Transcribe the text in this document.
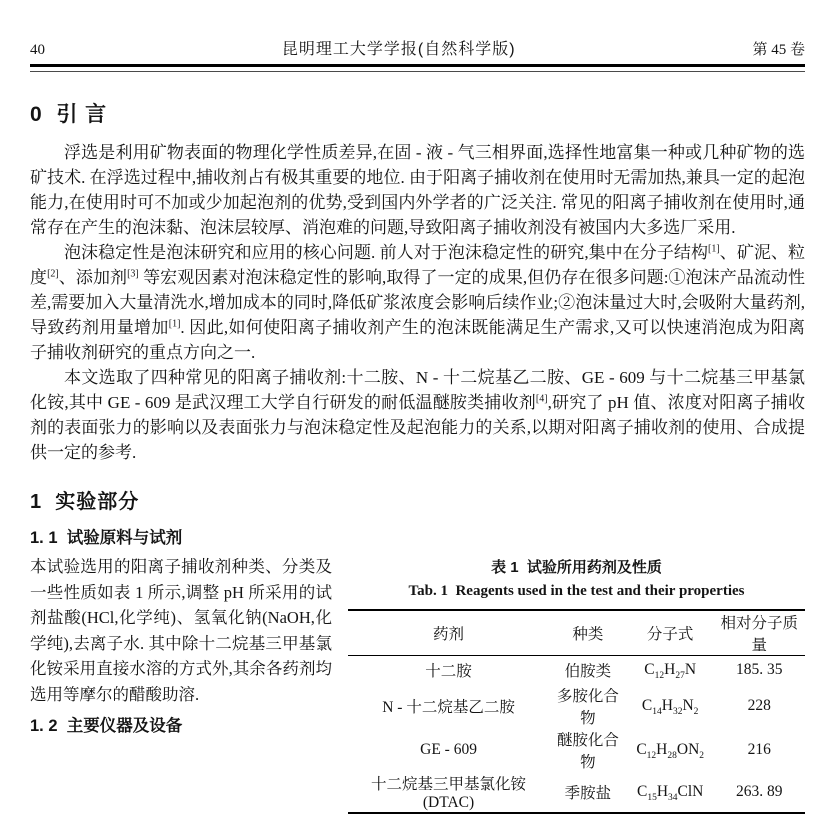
40	昆明理工大学学报(自然科学版)	第 45 卷
0  引 言

浮选是利用矿物表面的物理化学性质差异,在固 - 液 - 气三相界面,选择性地富集一种或几种矿物的选矿技术. 在浮选过程中,捕收剂占有极其重要的地位. 由于阳离子捕收剂在使用时无需加热,兼具一定的起泡能力,在使用时可不加或少加起泡剂的优势,受到国内外学者的广泛关注. 常见的阳离子捕收剂在使用时,通常存在产生的泡沫黏、泡沫层较厚、消泡难的问题,导致阳离子捕收剂没有被国内大多选厂采用.

泡沫稳定性是泡沫研究和应用的核心问题. 前人对于泡沫稳定性的研究,集中在分子结构[1]、矿泥、粒度[2]、添加剂[3] 等宏观因素对泡沫稳定性的影响,取得了一定的成果,但仍存在很多问题:①泡沫产品流动性差,需要加入大量清洗水,增加成本的同时,降低矿浆浓度会影响后续作业;②泡沫量过大时,会吸附大量药剂,导致药剂用量增加[1]. 因此,如何使阳离子捕收剂产生的泡沫既能满足生产需求,又可以快速消泡成为阳离子捕收剂研究的重点方向之一.

本文选取了四种常见的阳离子捕收剂:十二胺、N - 十二烷基乙二胺、GE - 609 与十二烷基三甲基氯化铵,其中 GE - 609 是武汉理工大学自行研发的耐低温醚胺类捕收剂[4],研究了 pH 值、浓度对阳离子捕收剂的表面张力的影响以及表面张力与泡沫稳定性及起泡能力的关系,以期对阳离子捕收剂的使用、合成提供一定的参考.

1  实验部分
1. 1  试验原料与试剂

本试验选用的阳离子捕收剂种类、分类及一些性质如表 1 所示,调整 pH 所采用的试剂盐酸(HCl,化学纯)、氢氧化钠(NaOH,化学纯),去离子水. 其中除十二烷基三甲基氯化铵采用直接水溶的方式外,其余各药剂均选用等摩尔的醋酸助溶.

1. 2  主要仪器及设备
表 1  试验所用药剂及性质
Tab. 1  Reagents used in the test and their properties
药剂	种类	分子式	相对分子质量
十二胺	伯胺类	$C_{12}H_{27}N$	185. 35
N - 十二烷基乙二胺	多胺化合物	$C_{14}H_{32}N_2$	228
GE - 609	醚胺化合物	$C_{12}H_{28}ON_2$	216
十二烷基三甲基氯化铵(DTAC)	季胺盐	$C_{15}H_{34}ClN$	263. 89
